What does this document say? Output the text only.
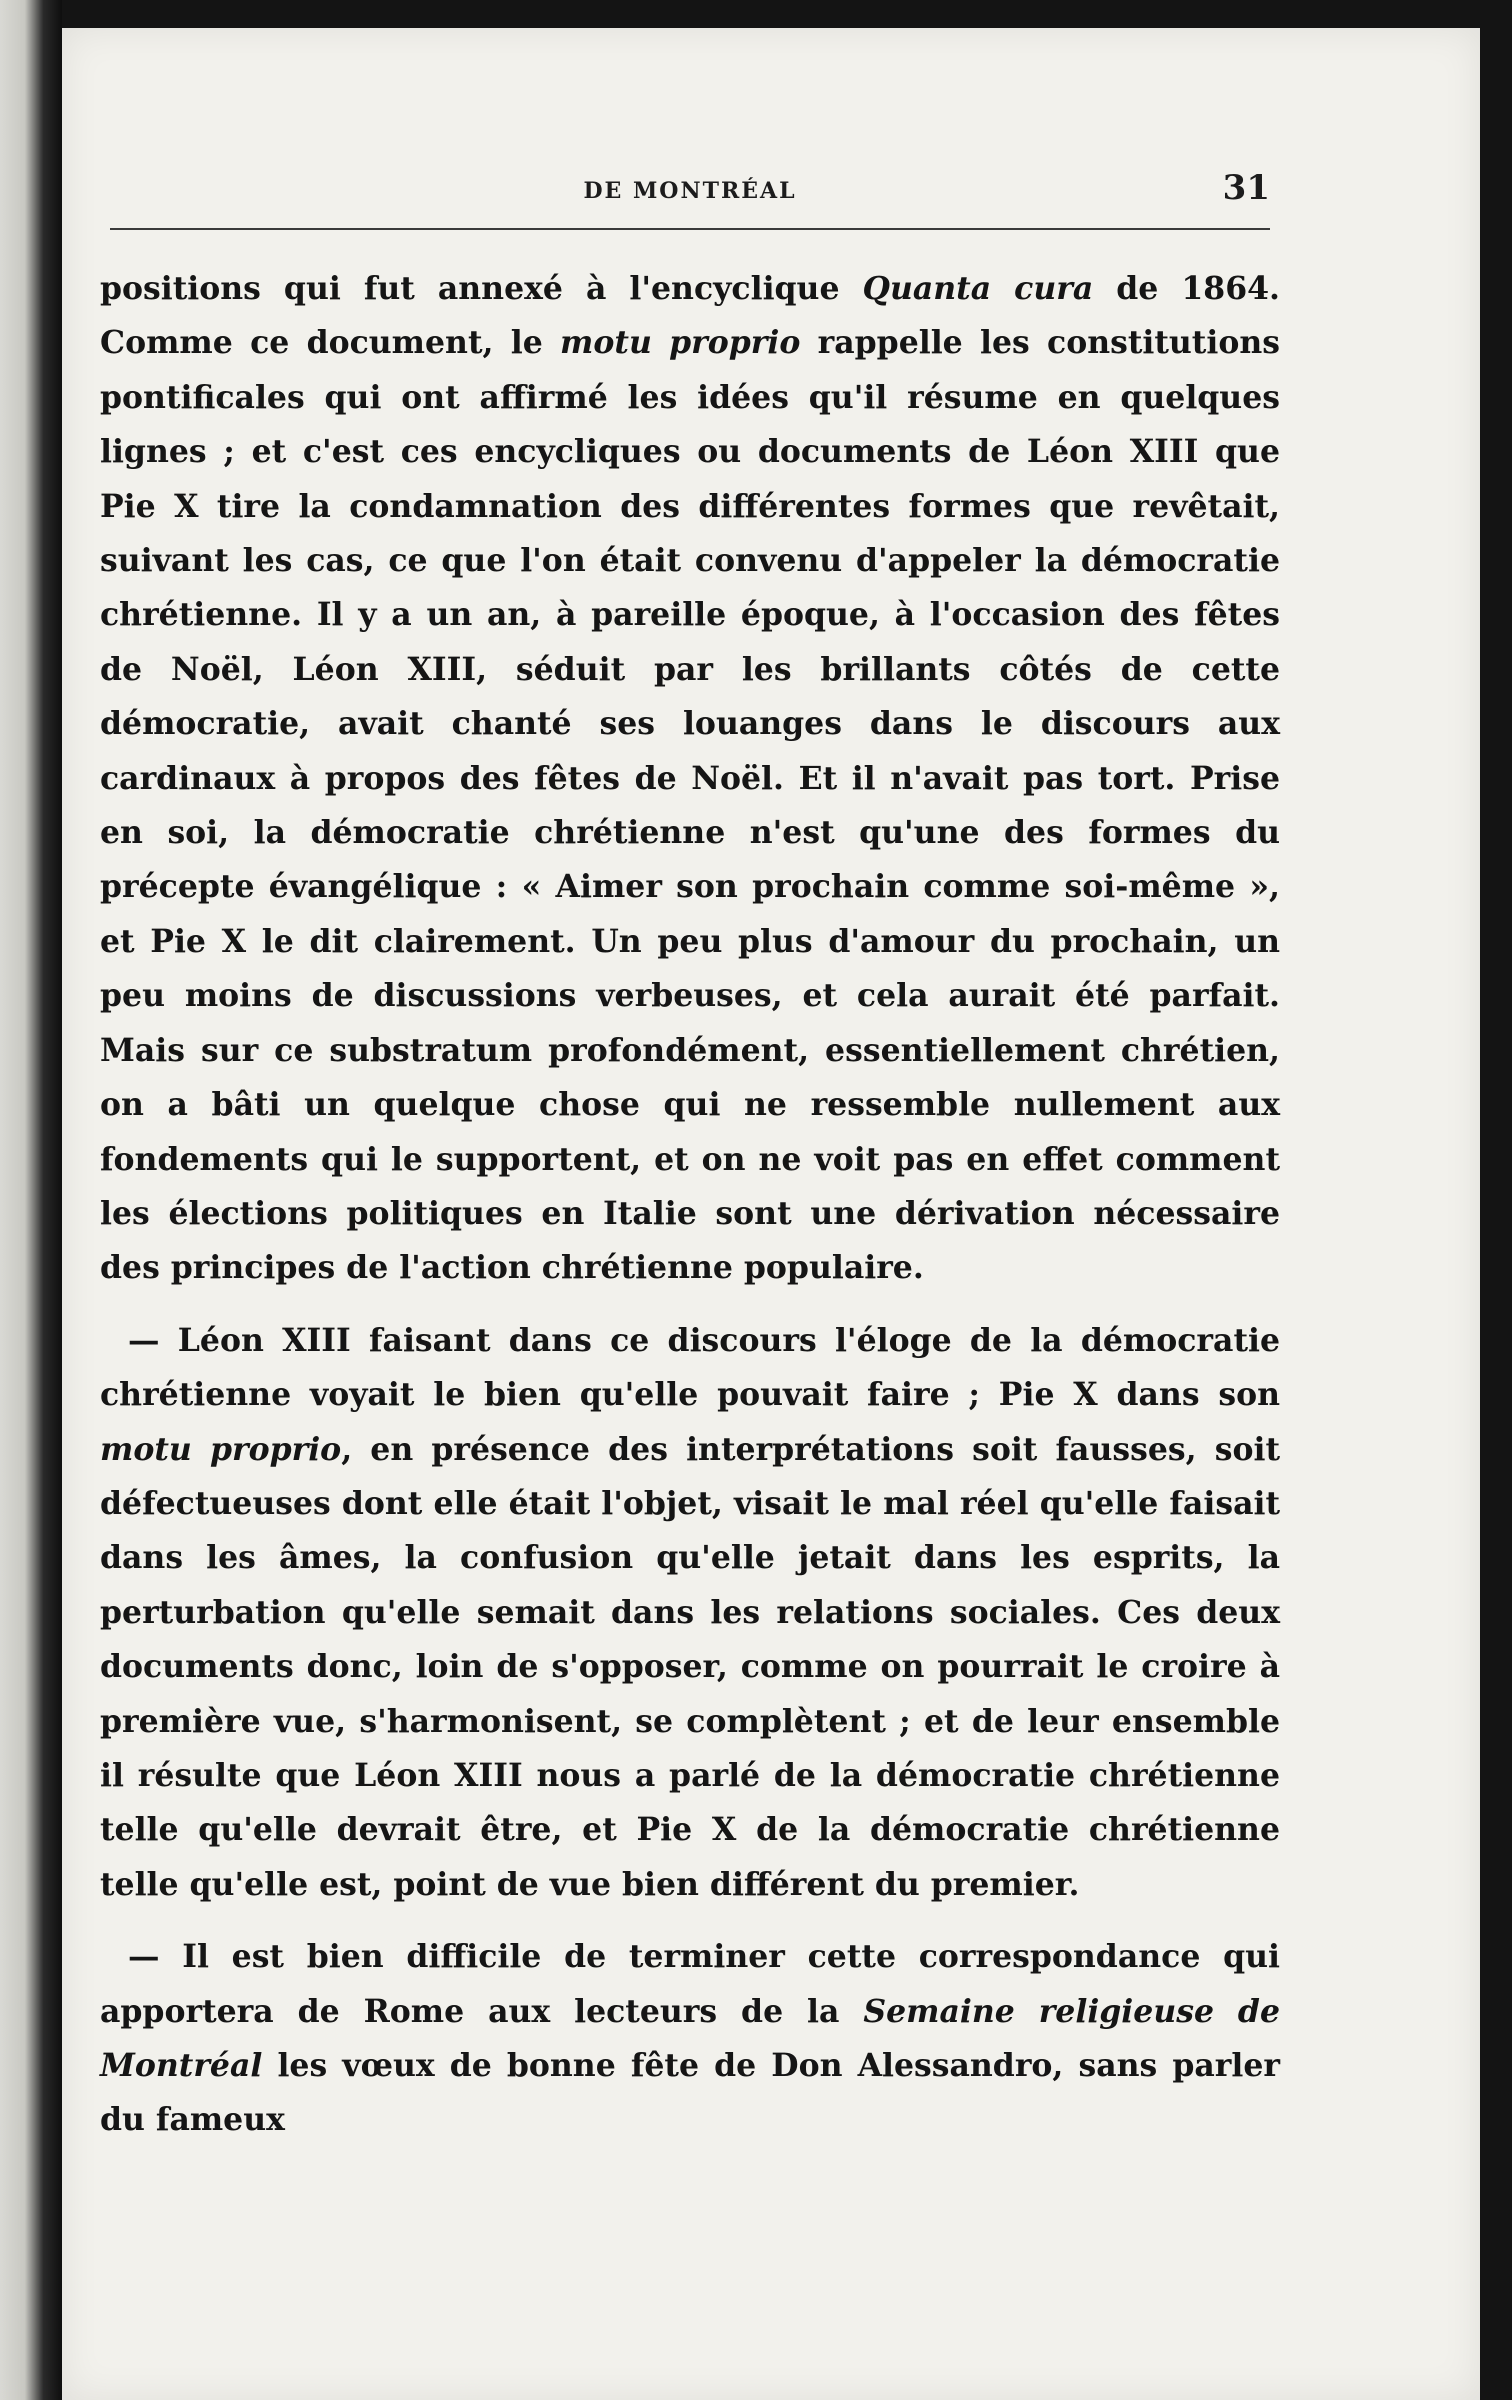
DE MONTRÉAL	31

positions qui fut annexé à l'encyclique Quanta cura de 1864. Comme ce document, le motu proprio rappelle les constitutions pontificales qui ont affirmé les idées qu'il résume en quelques lignes ; et c'est ces encycliques ou documents de Léon XIII que Pie X tire la condamnation des différentes formes que revêtait, suivant les cas, ce que l'on était convenu d'appeler la démocratie chrétienne. Il y a un an, à pareille époque, à l'occasion des fêtes de Noël, Léon XIII, séduit par les brillants côtés de cette démocratie, avait chanté ses louanges dans le discours aux cardinaux à propos des fêtes de Noël. Et il n'avait pas tort. Prise en soi, la démocratie chrétienne n'est qu'une des formes du précepte évangélique : « Aimer son prochain comme soi-même », et Pie X le dit clairement. Un peu plus d'amour du prochain, un peu moins de discussions verbeuses, et cela aurait été parfait. Mais sur ce substratum profondément, essentiellement chrétien, on a bâti un quelque chose qui ne ressemble nullement aux fondements qui le supportent, et on ne voit pas en effet comment les élections politiques en Italie sont une dérivation nécessaire des principes de l'action chrétienne populaire.

— Léon XIII faisant dans ce discours l'éloge de la démocratie chrétienne voyait le bien qu'elle pouvait faire ; Pie X dans son motu proprio, en présence des interprétations soit fausses, soit défectueuses dont elle était l'objet, visait le mal réel qu'elle faisait dans les âmes, la confusion qu'elle jetait dans les esprits, la perturbation qu'elle semait dans les relations sociales. Ces deux documents donc, loin de s'opposer, comme on pourrait le croire à première vue, s'harmonisent, se complètent ; et de leur ensemble il résulte que Léon XIII nous a parlé de la démocratie chrétienne telle qu'elle devrait être, et Pie X de la démocratie chrétienne telle qu'elle est, point de vue bien différent du premier.

— Il est bien difficile de terminer cette correspondance qui apportera de Rome aux lecteurs de la Semaine religieuse de Montréal les vœux de bonne fête de Don Alessandro, sans parler du fameux
